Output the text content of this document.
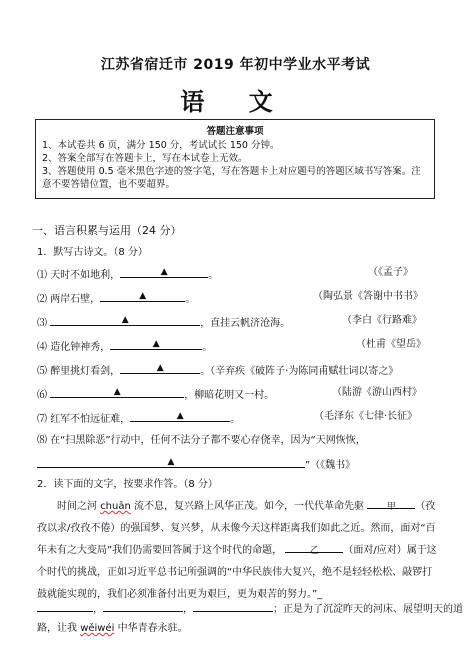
江苏省宿迁市 2019 年初中学业水平考试
语 文
答题注意事项
1、本试卷共 6 页，满分 150 分，考试试长 150 分钟。
2、答案全部写在答题卡上，写在本试卷上无效。
3、答题使用 0.5 毫米黑色字迹的签字笔，写在答题卡上对应题号的答题区域书写答案。注意不要答错位置，也不要超界。
一、语言积累与运用（24 分）
1．默写古诗文。（8 分）
⑴ 天时不如地利，	▲	。	（《孟子》
⑵ 两岸石壁，	▲	。	（陶弘景《答谢中书书》
⑶	▲	，直挂云帆济沧海。	（李白《行路难》
⑷ 造化钟神秀，	▲	。	（杜甫《望岳》
⑸ 醉里挑灯看剑，	▲	。（辛弃疾《破阵子·为陈同甫赋壮词以寄之》
⑹	▲	，柳暗花明又一村。	（陆游《游山西村》
⑺ 红军不怕远征难，	▲	。	（毛泽东《七律·长征》
⑻ 在“扫黑除恶”行动中，任何不法分子都不要心存侥幸，因为“天网恢恢，
▲	”（《魏书》
2．读下面的文字，按要求作答。（8 分）
时间之河 chuān 流不息，复兴路上风华正茂。如今，一代代革命先驱	甲 （孜孜以求/孜孜不倦）的强国梦、复兴梦，从未像今天这样距离我们如此之近。然而，面对“百年未有之大变局”我们仍需要回答属于这个时代的命题，	乙 （面对/应对）属于这个时代的挑战，正如习近平总书记所强调的“中华民族伟大复兴，绝不是轻轻松松、敲锣打鼓就能实现的，我们必须准备付出更为艰巨，更为艰苦的努力。”_
，	，	；正是为了沉淀昨天的河床、展望明天的道
路，让我 wěiwéi 中华青春永驻。
